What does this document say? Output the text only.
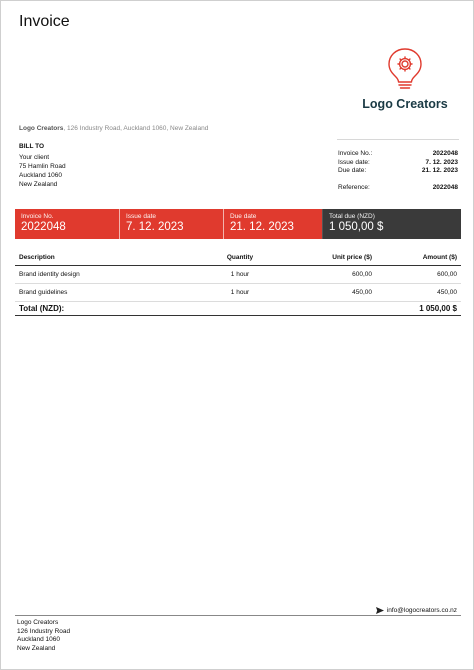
Invoice
Logo Creators
Logo Creators, 126 Industry Road, Auckland 1060, New Zealand
BILL TO
Your client
75 Hamlin Road
Auckland 1060
New Zealand
Invoice No.:	2022048
Issue date:	7. 12. 2023
Due date:	21. 12. 2023
Reference:	2022048
Invoice No.
2022048
Issue date
7. 12. 2023
Due date
21. 12. 2023
Total due (NZD)
1 050,00 $
Description	Quantity	Unit price ($)	Amount ($)
Brand identity design	1 hour	600,00	600,00
Brand guidelines	1 hour	450,00	450,00
Total (NZD):			1 050,00 $
info@logocreators.co.nz
Logo Creators
126 Industry Road
Auckland 1060
New Zealand
